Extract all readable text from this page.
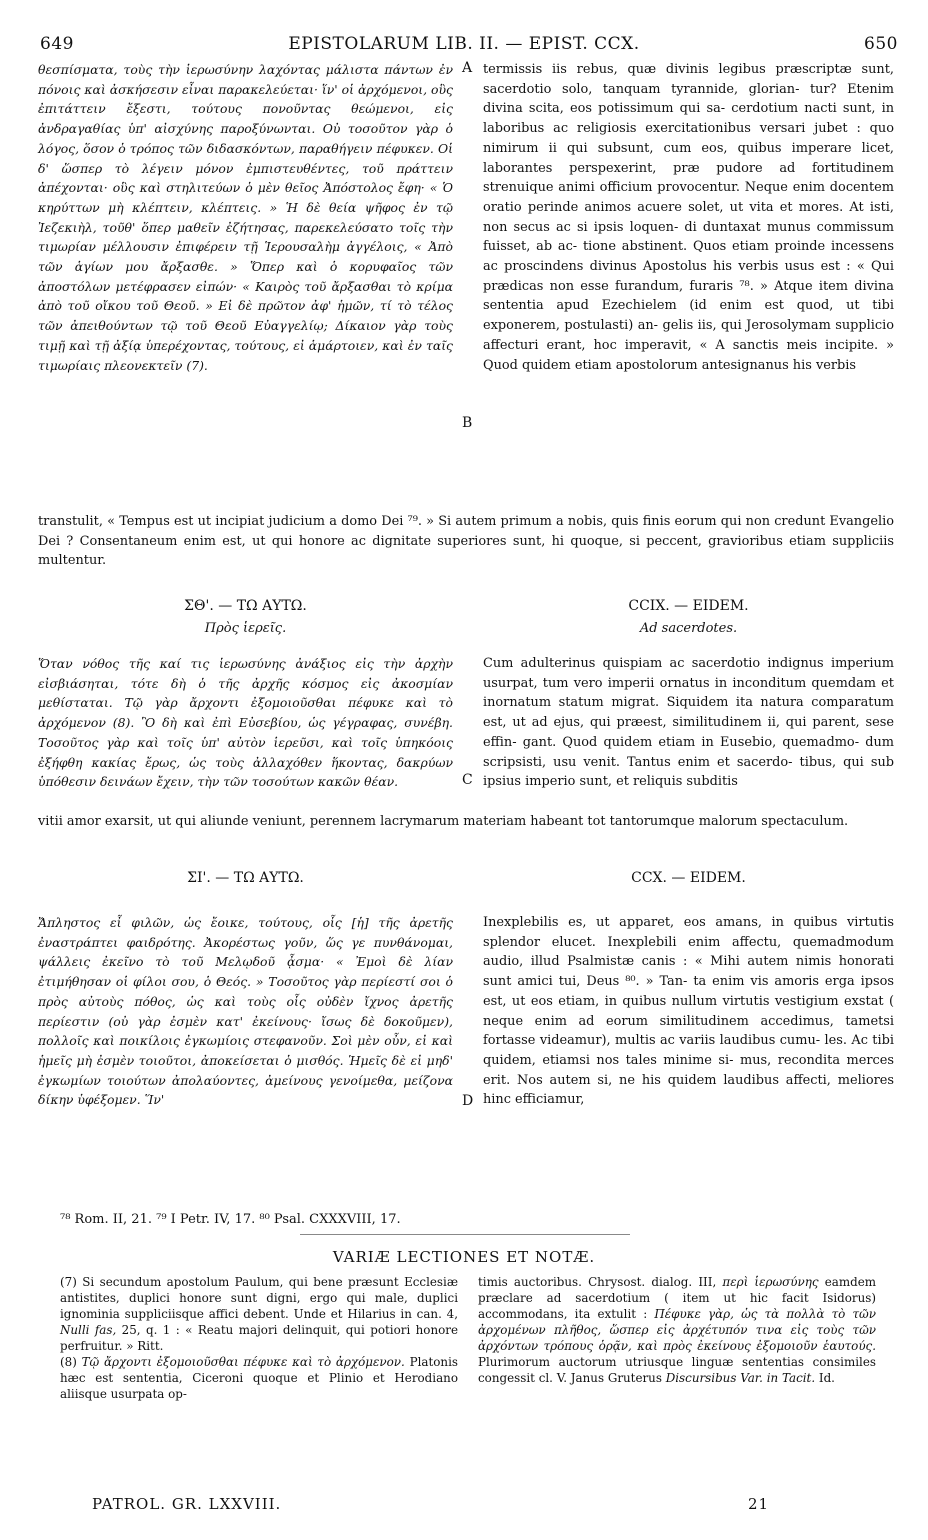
649	EPISTOLARUM LIB. II. — EPIST. CCX.	650

θεσπίσματα, τοὺς τὴν ἱερωσύνην λαχόντας μάλιστα πάντων ἐν πόνοις καὶ ἀσκήσεσιν εἶναι παρακελεύεται· ἵν' οἱ ἀρχόμενοι, οὓς ἐπιτάττειν ἔξεστι, τούτους πονοῦντας θεώμενοι, εἰς ἀνδραγαθίας ὑπ' αἰσχύνης παροξύνωνται. Οὐ τοσοῦτον γὰρ ὁ λόγος, ὅσον ὁ τρόπος τῶν διδασκόντων, παραθήγειν πέφυκεν. Οἱ δ' ὥσπερ τὸ λέγειν μόνον ἐμπιστευθέντες, τοῦ πράττειν ἀπέχονται· οὓς καὶ στηλιτεύων ὁ μὲν θεῖος Ἀπόστολος ἔφη· « Ὁ κηρύττων μὴ κλέπτειν, κλέπτεις. » Ἡ δὲ θεία ψῆφος ἐν τῷ Ἰεζεκιὴλ, τοῦθ' ὅπερ μαθεῖν ἐζήτησας, παρεκελεύσατο τοῖς τὴν τιμωρίαν μέλλουσιν ἐπιφέρειν τῇ Ἱερουσαλὴμ ἀγγέλοις, « Ἀπὸ τῶν ἁγίων μου ἄρξασθε. » Ὅπερ καὶ ὁ κορυφαῖος τῶν ἀποστόλων μετέφρασεν εἰπών· « Καιρὸς τοῦ ἄρξασθαι τὸ κρίμα ἀπὸ τοῦ οἴκου τοῦ Θεοῦ. » Εἰ δὲ πρῶτον ἀφ' ἡμῶν, τί τὸ τέλος τῶν ἀπειθούντων τῷ τοῦ Θεοῦ Εὐαγγελίῳ; Δίκαιον γὰρ τοὺς τιμῇ καὶ τῇ ἀξίᾳ ὑπερέχοντας, τούτους, εἰ ἁμάρτοιεν, καὶ ἐν ταῖς τιμωρίαις πλεονεκτεῖν (7).

A
B

termissis iis rebus, quæ divinis legibus præscriptæ sunt, sacerdotio solo, tanquam tyrannide, glorian- tur? Etenim divina scita, eos potissimum qui sa- cerdotium nacti sunt, in laboribus ac religiosis exercitationibus versari jubet : quo nimirum ii qui subsunt, cum eos, quibus imperare licet, laborantes perspexerint, præ pudore ad fortitudinem strenuique animi officium provocentur. Neque enim docentem oratio perinde animos acuere solet, ut vita et mores. At isti, non secus ac si ipsis loquen- di duntaxat munus commissum fuisset, ab ac- tione abstinent. Quos etiam proinde incessens ac proscindens divinus Apostolus his verbis usus est : « Qui prædicas non esse furandum, furaris ⁷⁸. » Atque item divina sententia apud Ezechielem (id enim est quod, ut tibi exponerem, postulasti) an- gelis iis, qui Jerosolymam supplicio affecturi erant, hoc imperavit, « A sanctis meis incipite. » Quod quidem etiam apostolorum antesignanus his verbis

transtulit, « Tempus est ut incipiat judicium a domo Dei ⁷⁹. » Si autem primum a nobis, quis finis eorum qui non credunt Evangelio Dei ? Consentaneum enim est, ut qui honore ac dignitate superiores sunt, hi quoque, si peccent, gravioribus etiam suppliciis multentur.

ΣΘ'. — ΤΩ ΑΥΤΩ.
Πρὸς ἱερεῖς.
CCIX. — EIDEM.
Ad sacerdotes.

Ὅταν νόθος τῆς καί τις ἱερωσύνης ἀνάξιος εἰς τὴν ἀρχὴν εἰσβιάσηται, τότε δὴ ὁ τῆς ἀρχῆς κόσμος εἰς ἀκοσμίαν μεθίσταται. Τῷ γὰρ ἄρχοντι ἐξομοιοῦσθαι πέφυκε καὶ τὸ ἀρχόμενον (8). Ὃ δὴ καὶ ἐπὶ Εὐσεβίου, ὡς γέγραφας, συνέβη. Τοσοῦτος γὰρ καὶ τοῖς ὑπ' αὐτὸν ἱερεῦσι, καὶ τοῖς ὑπηκόοις ἐξήφθη κακίας ἔρως, ὡς τοὺς ἀλλαχόθεν ἥκοντας, δακρύων ὑπόθεσιν δεινάων ἔχειν, τὴν τῶν τοσούτων κακῶν θέαν.	C

Cum adulterinus quispiam ac sacerdotio indignus imperium usurpat, tum vero imperii ornatus in inconditum quemdam et inornatum statum migrat. Siquidem ita natura comparatum est, ut ad ejus, qui præest, similitudinem ii, qui parent, sese effin- gant. Quod quidem etiam in Eusebio, quemadmo- dum scripsisti, usu venit. Tantus enim et sacerdo- tibus, qui sub ipsius imperio sunt, et reliquis subditis

vitii amor exarsit, ut qui aliunde veniunt, perennem lacrymarum materiam habeant tot tantorumque malorum spectaculum.

ΣΙ'. — ΤΩ ΑΥΤΩ.	CCX. — EIDEM.

Ἄπληστος εἶ φιλῶν, ὡς ἔοικε, τούτους, οἷς [ἡ] τῆς ἀρετῆς ἐναστράπτει φαιδρότης. Ἀκορέστως γοῦν, ὥς γε πυνθάνομαι, ψάλλεις ἐκεῖνο τὸ τοῦ Μελῳδοῦ ᾆσμα· « Ἐμοὶ δὲ λίαν ἐτιμήθησαν οἱ φίλοι σου, ὁ Θεός. » Τοσοῦτος γὰρ περίεστί σοι ὁ πρὸς αὐτοὺς πόθος, ὡς καὶ τοὺς οἷς οὐδὲν ἴχνος ἀρετῆς περίεστιν (οὐ γὰρ ἐσμὲν κατ' ἐκείνους· ἴσως δὲ δοκοῦμεν), πολλοῖς καὶ ποικίλοις ἐγκωμίοις στεφανοῦν. Σοὶ μὲν οὖν, εἰ καὶ ἡμεῖς μὴ ἐσμὲν τοιοῦτοι, ἀποκείσεται ὁ μισθός. Ἡμεῖς δὲ εἰ μηδ' ἐγκωμίων τοιούτων ἀπολαύοντες, ἀμείνους γενοίμεθα, μείζονα δίκην ὑφέξομεν. Ἵν'	D

Inexplebilis es, ut apparet, eos amans, in quibus virtutis splendor elucet. Inexplebili enim affectu, quemadmodum audio, illud Psalmistæ canis : « Mihi autem nimis honorati sunt amici tui, Deus ⁸⁰. » Tan- ta enim vis amoris erga ipsos est, ut eos etiam, in quibus nullum virtutis vestigium exstat ( neque enim ad eorum similitudinem accedimus, tametsi fortasse videamur), multis ac variis laudibus cumu- les. Ac tibi quidem, etiamsi nos tales minime si- mus, recondita merces erit. Nos autem si, ne his quidem laudibus affecti, meliores hinc efficiamur,

⁷⁸ Rom. II, 21. ⁷⁹ I Petr. IV, 17. ⁸⁰ Psal. CXXXVIII, 17.
VARIÆ LECTIONES ET NOTÆ.

(7) Si secundum apostolum Paulum, qui bene præsunt Ecclesiæ antistites, duplici honore sunt digni, ergo qui male, duplici ignominia suppliciisque affici debent. Unde et Hilarius in can. 4, Nulli fas, 25, q. 1 : « Reatu majori delinquit, qui potiori honore perfruitur. » Ritt.

(8) Τῷ ἄρχοντι ἐξομοιοῦσθαι πέφυκε καὶ τὸ ἀρχόμενον. Platonis hæc est sententia, Ciceroni quoque et Plinio et Herodiano aliisque usurpata op-

timis auctoribus. Chrysost. dialog. III, περὶ ἱερωσύνης eamdem præclare ad sacerdotium ( item ut hic facit Isidorus) accommodans, ita extulit : Πέφυκε γὰρ, ὡς τὰ πολλὰ τὸ τῶν ἀρχομένων πλῆθος, ὥσπερ εἰς ἀρχέτυπόν τινα εἰς τοὺς τῶν ἀρχόντων τρόπους ὁρᾷν, καὶ πρὸς ἐκείνους ἐξομοιοῦν ἑαυτούς. Plurimorum auctorum utriusque linguæ sententias consimiles congessit cl. V. Janus Gruterus Discursibus Var. in Tacit. Id.

PATROL. GR. LXXVIII.	21
